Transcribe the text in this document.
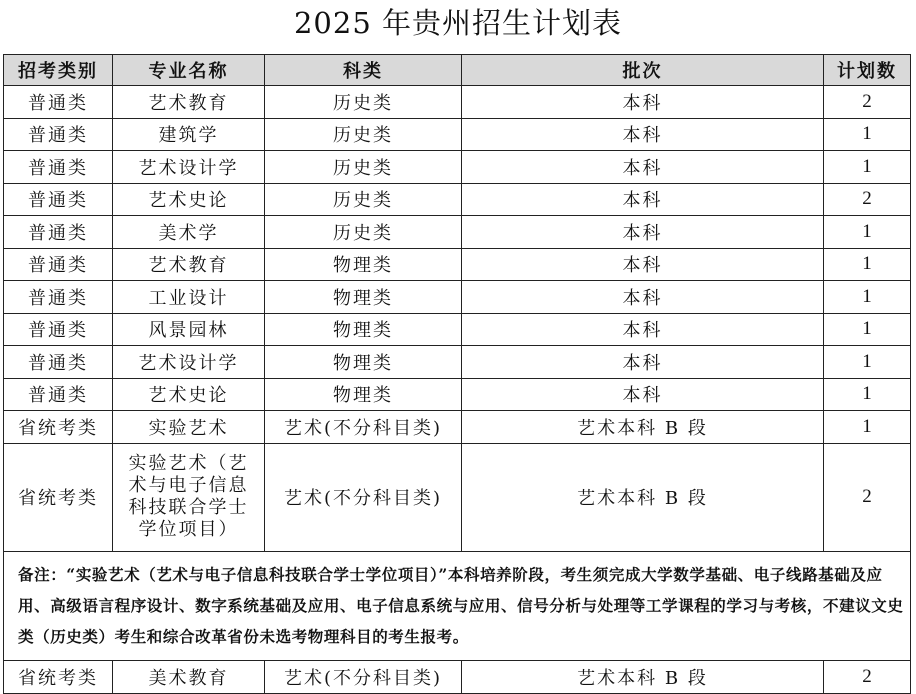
2025 年贵州招生计划表
招考类别	专业名称	科类	批次	计划数
普通类	艺术教育	历史类	本科	2
普通类	建筑学	历史类	本科	1
普通类	艺术设计学	历史类	本科	1
普通类	艺术史论	历史类	本科	2
普通类	美术学	历史类	本科	1
普通类	艺术教育	物理类	本科	1
普通类	工业设计	物理类	本科	1
普通类	风景园林	物理类	本科	1
普通类	艺术设计学	物理类	本科	1
普通类	艺术史论	物理类	本科	1
省统考类	实验艺术	艺术(不分科目类)	艺术本科 B 段	1
省统考类	实验艺术（艺术与电子信息科技联合学士学位项目）	艺术(不分科目类)	艺术本科 B 段	2
备注：“实验艺术（艺术与电子信息科技联合学士学位项目）”本科培养阶段，考生须完成大学数学基础、电子线路基础及应用、高级语言程序设计、数字系统基础及应用、电子信息系统与应用、信号分析与处理等工学课程的学习与考核，不建议文史类（历史类）考生和综合改革省份未选考物理科目的考生报考。				
省统考类	美术教育	艺术(不分科目类)	艺术本科 B 段	2
